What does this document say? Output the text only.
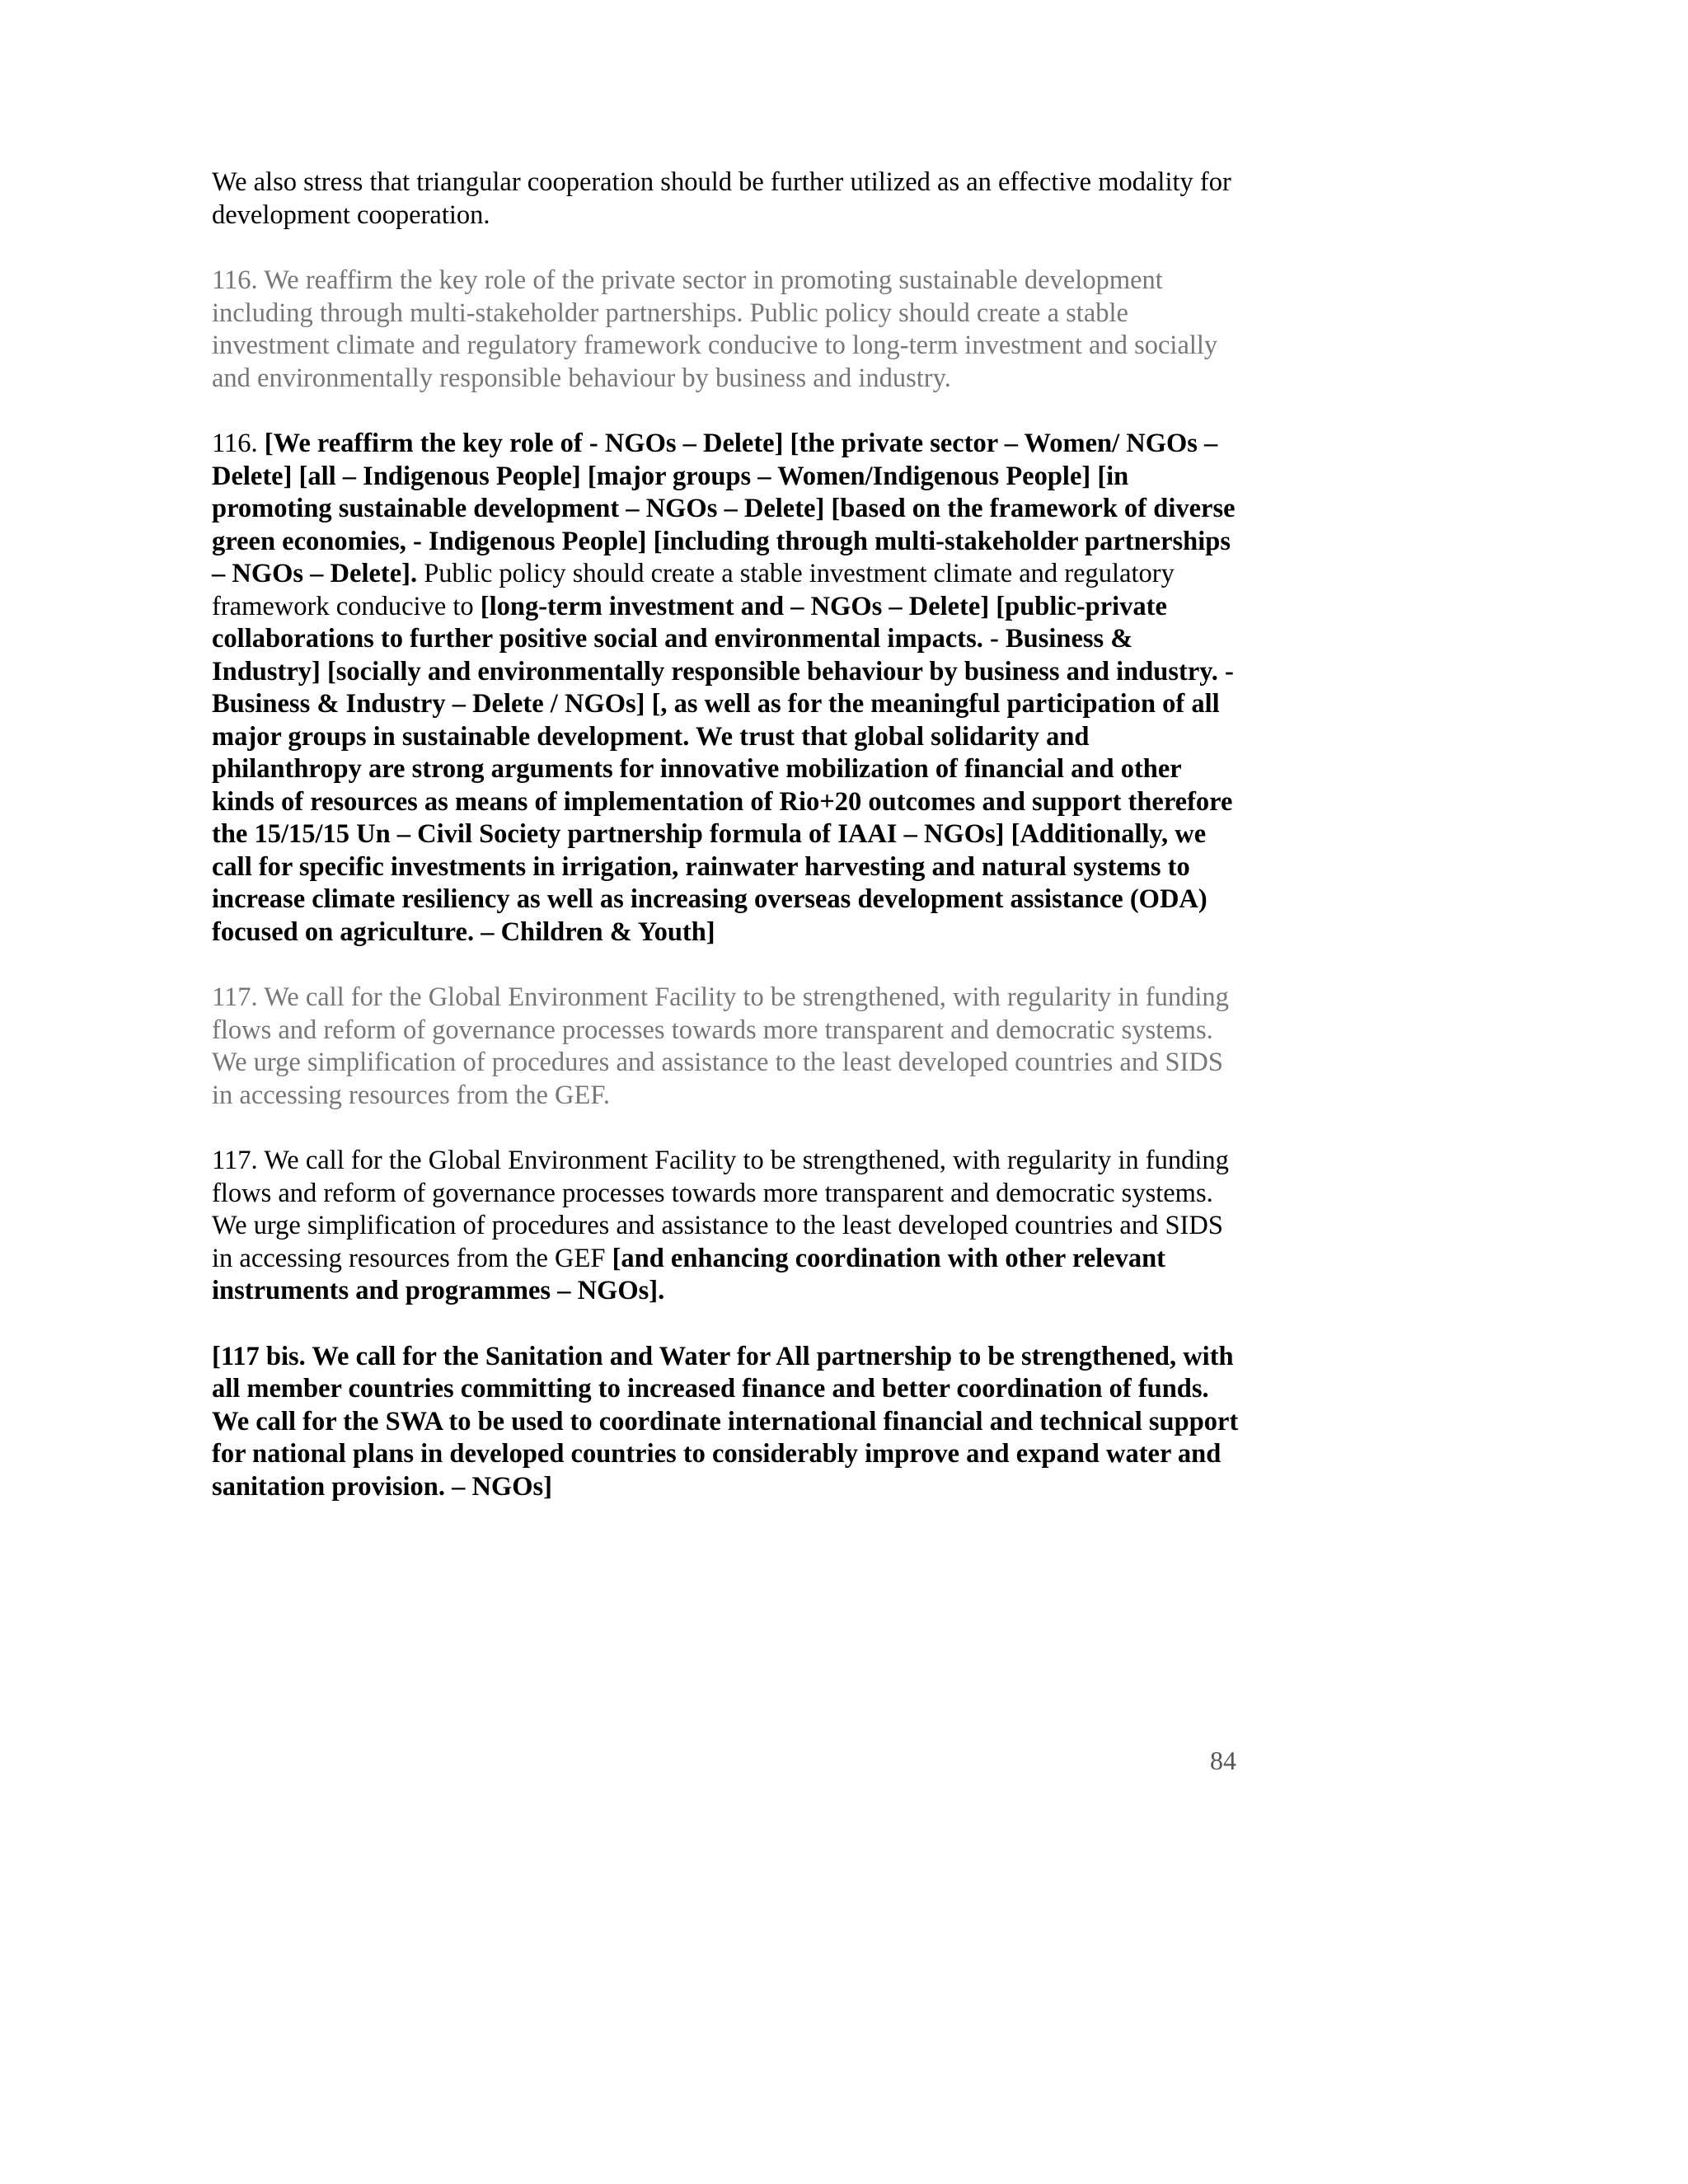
We also stress that triangular cooperation should be further utilized as an effective modality for development cooperation.

116. We reaffirm the key role of the private sector in promoting sustainable development including through multi-stakeholder partnerships. Public policy should create a stable investment climate and regulatory framework conducive to long-term investment and socially and environmentally responsible behaviour by business and industry.

116. [We reaffirm the key role of - NGOs – Delete] [the private sector – Women/ NGOs – Delete] [all – Indigenous People] [major groups – Women/Indigenous People] [in promoting sustainable development – NGOs – Delete] [based on the framework of diverse green economies, - Indigenous People] [including through multi-stakeholder partnerships – NGOs – Delete]. Public policy should create a stable investment climate and regulatory framework conducive to [long-term investment and – NGOs – Delete] [public-private collaborations to further positive social and environmental impacts. - Business & Industry] [socially and environmentally responsible behaviour by business and industry. - Business & Industry – Delete / NGOs] [, as well as for the meaningful participation of all major groups in sustainable development. We trust that global solidarity and philanthropy are strong arguments for innovative mobilization of financial and other kinds of resources as means of implementation of Rio+20 outcomes and support therefore the 15/15/15 Un – Civil Society partnership formula of IAAI – NGOs] [Additionally, we call for specific investments in irrigation, rainwater harvesting and natural systems to increase climate resiliency as well as increasing overseas development assistance (ODA) focused on agriculture. – Children & Youth]

117. We call for the Global Environment Facility to be strengthened, with regularity in funding flows and reform of governance processes towards more transparent and democratic systems. We urge simplification of procedures and assistance to the least developed countries and SIDS in accessing resources from the GEF.

117. We call for the Global Environment Facility to be strengthened, with regularity in funding flows and reform of governance processes towards more transparent and democratic systems. We urge simplification of procedures and assistance to the least developed countries and SIDS in accessing resources from the GEF [and enhancing coordination with other relevant instruments and programmes – NGOs].

[117 bis. We call for the Sanitation and Water for All partnership to be strengthened, with all member countries committing to increased finance and better coordination of funds. We call for the SWA to be used to coordinate international financial and technical support for national plans in developed countries to considerably improve and expand water and sanitation provision. – NGOs]

84
